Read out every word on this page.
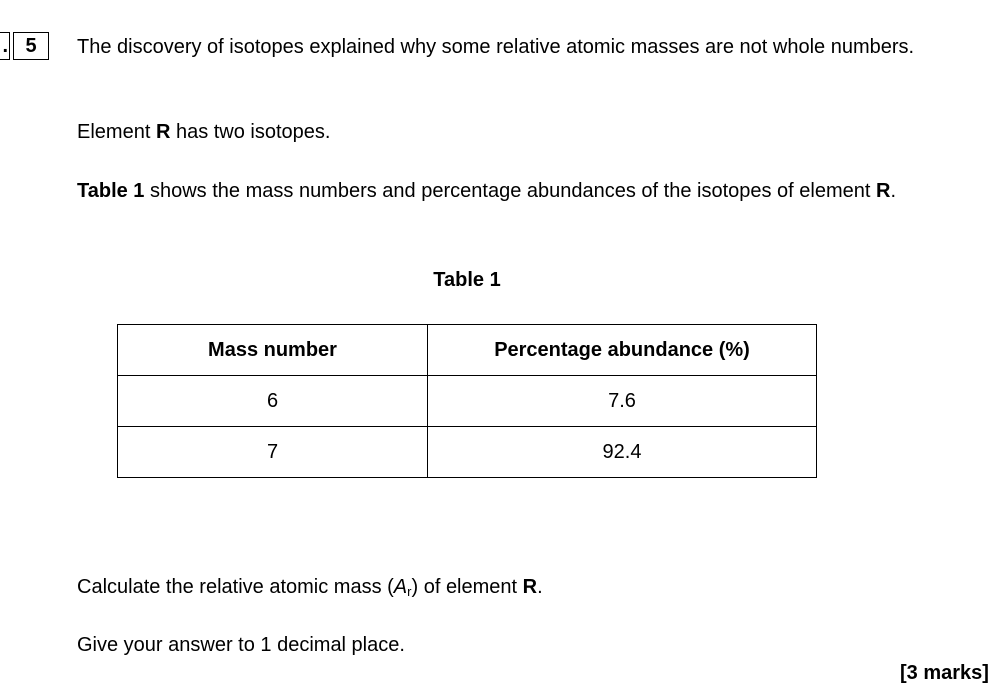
. 5	The discovery of isotopes explained why some relative atomic masses are not whole numbers.
Element R has two isotopes.
Table 1 shows the mass numbers and percentage abundances of the isotopes of element R.
Table 1
Mass number	Percentage abundance (%)
6	7.6
7	92.4
Calculate the relative atomic mass $(A_r)$ of element R.
Give your answer to 1 decimal place.
[3 marks]
